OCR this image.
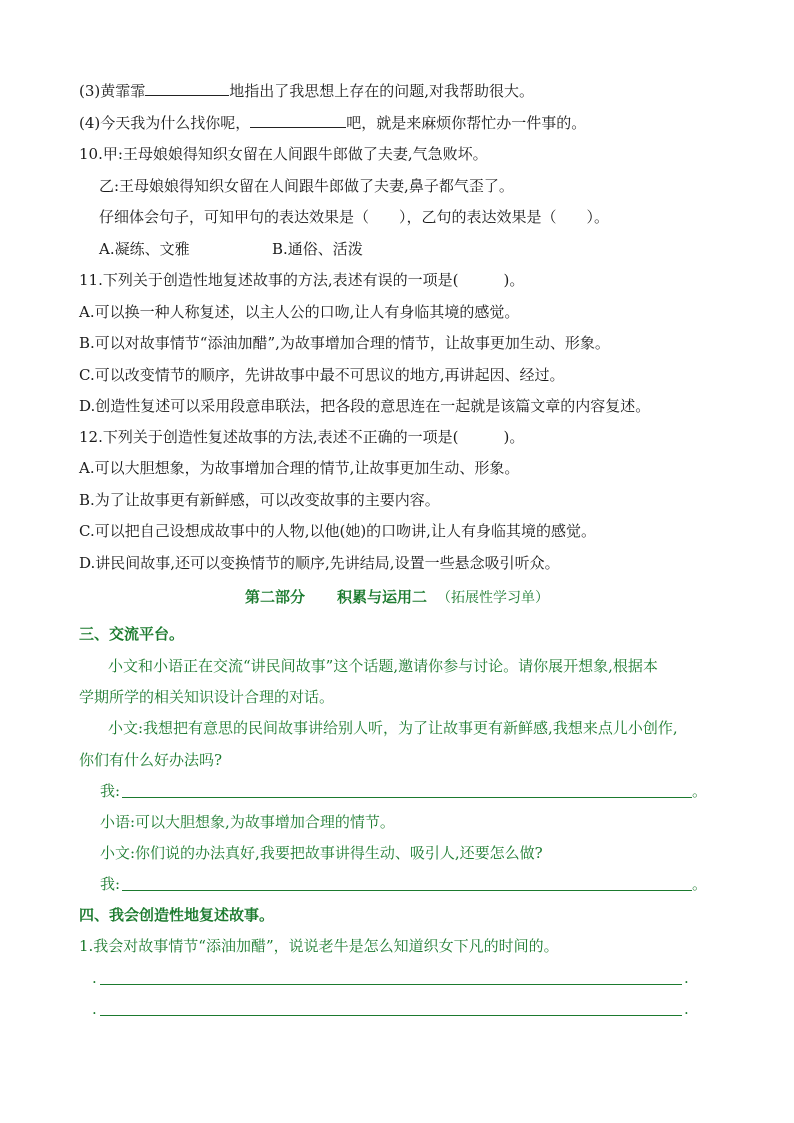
(3)黄霏霏	地指出了我思想上存在的问题,对我帮助很大。
(4)今天我为什么找你呢，	吧，就是来麻烦你帮忙办一件事的。
10.甲:王母娘娘得知织女留在人间跟牛郎做了夫妻,气急败坏。
乙:王母娘娘得知织女留在人间跟牛郎做了夫妻,鼻子都气歪了。
仔细体会句子，可知甲句的表达效果是（　　），乙句的表达效果是（　　）。
A.凝练、文雅	B.通俗、活泼
11.下列关于创造性地复述故事的方法,表述有误的一项是(　　　)。
A.可以换一种人称复述，以主人公的口吻,让人有身临其境的感觉。
B.可以对故事情节“添油加醋”,为故事增加合理的情节，让故事更加生动、形象。
C.可以改变情节的顺序，先讲故事中最不可思议的地方,再讲起因、经过。
D.创造性复述可以采用段意串联法，把各段的意思连在一起就是该篇文章的内容复述。
12.下列关于创造性复述故事的方法,表述不正确的一项是(　　　)。
A.可以大胆想象，为故事增加合理的情节,让故事更加生动、形象。
B.为了让故事更有新鲜感，可以改变故事的主要内容。
C.可以把自己设想成故事中的人物,以他(她)的口吻讲,让人有身临其境的感觉。
D.讲民间故事,还可以变换情节的顺序,先讲结局,设置一些悬念吸引听众。
第二部分 积累与运用二 （拓展性学习单）
三、交流平台。
小文和小语正在交流“讲民间故事”这个话题,邀请你参与讨论。请你展开想象,根据本
学期所学的相关知识设计合理的对话。
小文:我想把有意思的民间故事讲给别人听，为了让故事更有新鲜感,我想来点儿小创作,
你们有什么好办法吗?
我:	。
小语:可以大胆想象,为故事增加合理的情节。
小文:你们说的办法真好,我要把故事讲得生动、吸引人,还要怎么做?
我:	。
四、我会创造性地复述故事。
1.我会对故事情节“添油加醋”，说说老牛是怎么知道织女下凡的时间的。
.	.
.	.
